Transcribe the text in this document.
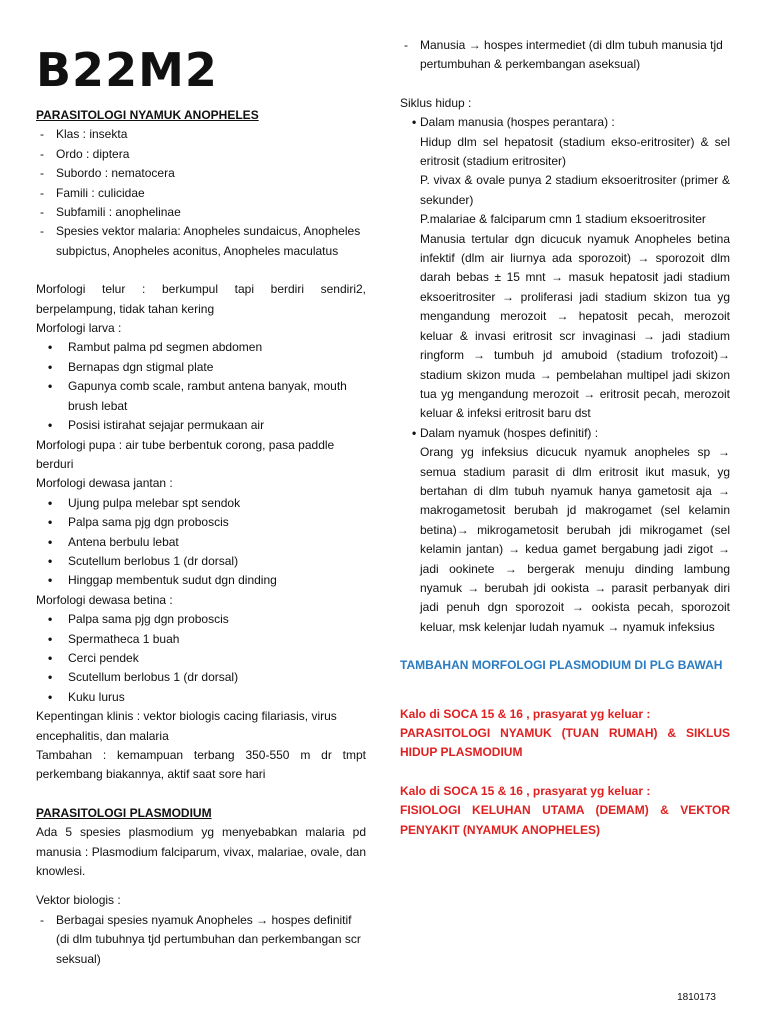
B22M2

PARASITOLOGI NYAMUK ANOPHELES

- Klas : insekta
- Ordo : diptera
- Subordo : nematocera
- Famili : culicidae
- Subfamili : anophelinae
- Spesies vektor malaria: Anopheles sundaicus, Anopheles subpictus, Anopheles aconitus, Anopheles maculatus

Morfologi telur : berkumpul tapi berdiri sendiri2, berpelampung, tidak tahan kering

Morfologi larva :

• Rambut palma pd segmen abdomen
• Bernapas dgn stigmal plate
• Gapunya comb scale, rambut antena banyak, mouth brush lebat
• Posisi istirahat sejajar permukaan air

Morfologi pupa : air tube berbentuk corong, pasa paddle berduri

Morfologi dewasa jantan :

• Ujung pulpa melebar spt sendok
• Palpa sama pjg dgn proboscis
• Antena berbulu lebat
• Scutellum berlobus 1 (dr dorsal)
• Hinggap membentuk sudut dgn dinding

Morfologi dewasa betina :

• Palpa sama pjg dgn proboscis
• Spermatheca 1 buah
• Cerci pendek
• Scutellum berlobus 1 (dr dorsal)
• Kuku lurus

Kepentingan klinis : vektor biologis cacing filariasis, virus encephalitis, dan malaria

Tambahan : kemampuan terbang 350-550 m dr tmpt perkembang biakannya, aktif saat sore hari

PARASITOLOGI PLASMODIUM

Ada 5 spesies plasmodium yg menyebabkan malaria pd manusia : Plasmodium falciparum, vivax, malariae, ovale, dan knowlesi.

Vektor biologis :

- Berbagai spesies nyamuk Anopheles → hospes definitif (di dlm tubuhnya tjd pertumbuhan dan perkembangan scr seksual)
- Manusia → hospes intermediet (di dlm tubuh manusia tjd pertumbuhan & perkembangan aseksual)

Siklus hidup :

• Dalam manusia (hospes perantara) :
Hidup dlm sel hepatosit (stadium ekso-eritrositer) & sel eritrosit (stadium eritrositer)
P. vivax & ovale punya 2 stadium eksoeritrositer (primer & sekunder)
P.malariae & falciparum cmn 1 stadium eksoeritrositer
Manusia tertular dgn dicucuk nyamuk Anopheles betina infektif (dlm air liurnya ada sporozoit) → sporozoit dlm darah bebas ± 15 mnt → masuk hepatosit jadi stadium eksoeritrositer → proliferasi jadi stadium skizon tua yg mengandung merozoit → hepatosit pecah, merozoit keluar & invasi eritrosit scr invaginasi → jadi stadium ringform → tumbuh jd amuboid (stadium trofozoit)→ stadium skizon muda → pembelahan multipel jadi skizon tua yg mengandung merozoit → eritrosit pecah, merozoit keluar & infeksi eritrosit baru dst
• Dalam nyamuk (hospes definitif) :
Orang yg infeksius dicucuk nyamuk anopheles sp → semua stadium parasit di dlm eritrosit ikut masuk, yg bertahan di dlm tubuh nyamuk hanya gametosit aja → makrogametosit berubah jd makrogamet (sel kelamin betina)→ mikrogametosit berubah jdi mikrogamet (sel kelamin jantan) → kedua gamet bergabung jadi zigot → jadi ookinete → bergerak menuju dinding lambung nyamuk → berubah jdi ookista → parasit perbanyak diri jadi penuh dgn sporozoit → ookista pecah, sporozoit keluar, msk kelenjar ludah nyamuk → nyamuk infeksius

TAMBAHAN MORFOLOGI PLASMODIUM DI PLG BAWAH

Kalo di SOCA 15 & 16 , prasyarat yg keluar :

PARASITOLOGI NYAMUK (TUAN RUMAH) & SIKLUS HIDUP PLASMODIUM

Kalo di SOCA 15 & 16 , prasyarat yg keluar :

FISIOLOGI KELUHAN UTAMA (DEMAM) & VEKTOR PENYAKIT (NYAMUK ANOPHELES)

1810173
